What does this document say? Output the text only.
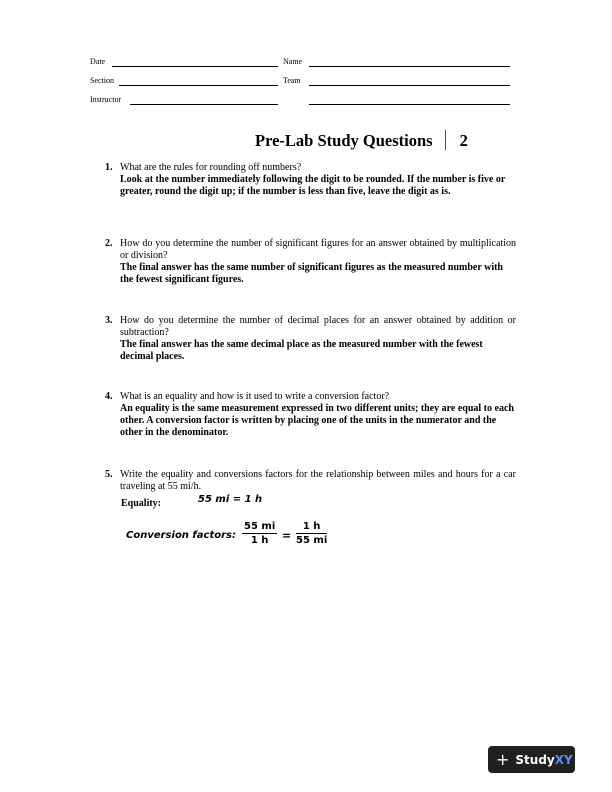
Date	Name
Section	Team
Instructor
Pre-Lab Study Questions 2
1. What are the rules for rounding off numbers?
Look at the number immediately following the digit to be rounded. If the number is five or greater, round the digit up; if the number is less than five, leave the digit as is.
2. How do you determine the number of significant figures for an answer obtained by multiplication or division?
The final answer has the same number of significant figures as the measured number with the fewest significant figures.
3. How do you determine the number of decimal places for an answer obtained by addition or subtraction?
The final answer has the same decimal place as the measured number with the fewest decimal places.
4. What is an equality and how is it used to write a conversion factor?
An equality is the same measurement expressed in two different units; they are equal to each other. A conversion factor is written by placing one of the units in the numerator and the other in the denominator.
5. Write the equality and conversions factors for the relationship between miles and hours for a car traveling at 55 mi/h.
Equality:	55 mi = 1 h
Conversion factors: $\frac{55 mi}{1 h} = \frac{1 h}{55 mi}$
+ Study XY
